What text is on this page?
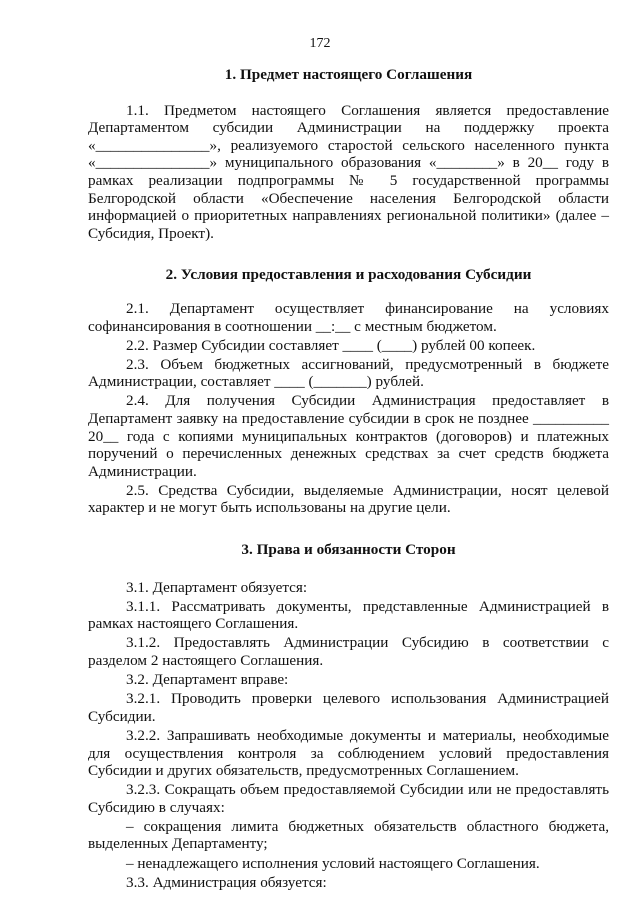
172
1. Предмет настоящего Соглашения
1.1. Предметом настоящего Соглашения является предоставление Департаментом субсидии Администрации на поддержку проекта «_______________», реализуемого старостой сельского населенного пункта «_______________» муниципального образования «________» в 20__ году в рамках реализации подпрограммы № 5 государственной программы Белгородской области «Обеспечение населения Белгородской области информацией о приоритетных направлениях региональной политики» (далее – Субсидия, Проект).
2. Условия предоставления и расходования Субсидии
2.1. Департамент осуществляет финансирование на условиях софинансирования в соотношении __:__ с местным бюджетом.
2.2. Размер Субсидии составляет ____ (____) рублей 00 копеек.
2.3. Объем бюджетных ассигнований, предусмотренный в бюджете Администрации, составляет ____ (_______) рублей.
2.4. Для получения Субсидии Администрация предоставляет в Департамент заявку на предоставление субсидии в срок не позднее __________ 20__ года с копиями муниципальных контрактов (договоров) и платежных поручений о перечисленных денежных средствах за счет средств бюджета Администрации.
2.5. Средства Субсидии, выделяемые Администрации, носят целевой характер и не могут быть использованы на другие цели.
3. Права и обязанности Сторон
3.1. Департамент обязуется:
3.1.1. Рассматривать документы, представленные Администрацией в рамках настоящего Соглашения.
3.1.2. Предоставлять Администрации Субсидию в соответствии с разделом 2 настоящего Соглашения.
3.2. Департамент вправе:
3.2.1. Проводить проверки целевого использования Администрацией Субсидии.
3.2.2. Запрашивать необходимые документы и материалы, необходимые для осуществления контроля за соблюдением условий предоставления Субсидии и других обязательств, предусмотренных Соглашением.
3.2.3. Сокращать объем предоставляемой Субсидии или не предоставлять Субсидию в случаях:
– сокращения лимита бюджетных обязательств областного бюджета, выделенных Департаменту;
– ненадлежащего исполнения условий настоящего Соглашения.
3.3. Администрация обязуется:
